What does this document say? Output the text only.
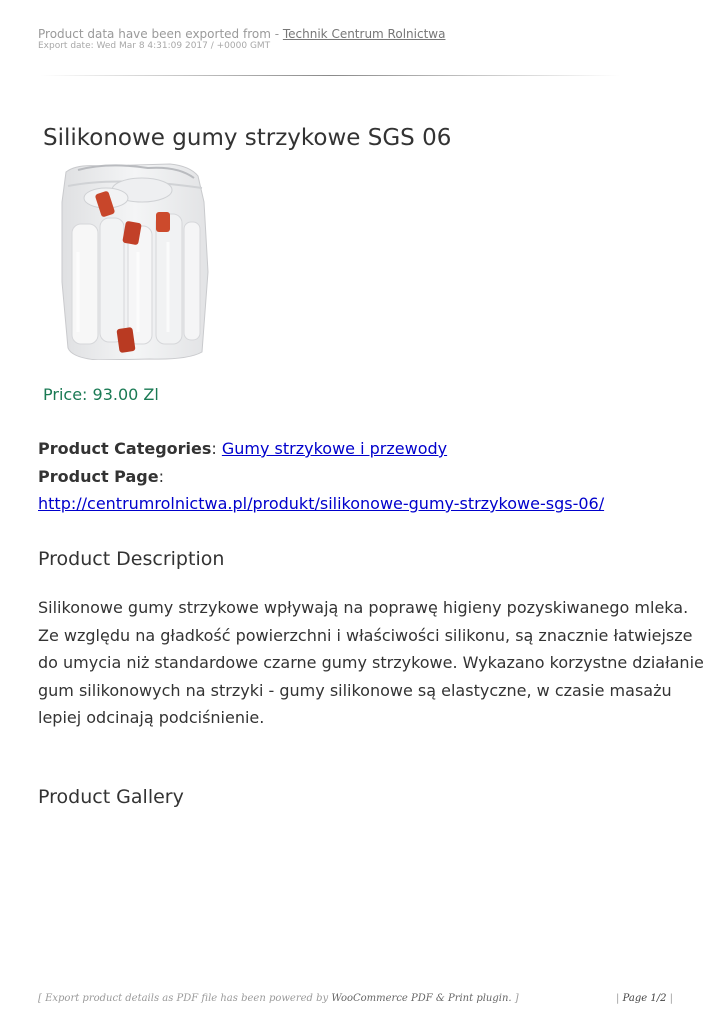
Product data have been exported from - Technik Centrum Rolnictwa
Export date: Wed Mar 8 4:31:09 2017 / +0000 GMT
Silikonowe gumy strzykowe SGS 06
Price: 93.00 Zl
Product Categories: Gumy strzykowe i przewody
Product Page:
http://centrumrolnictwa.pl/produkt/silikonowe-gumy-strzykowe-sgs-06/
Product Description
Silikonowe gumy strzykowe wpływają na poprawę higieny pozyskiwanego mleka.
Ze względu na gładkość powierzchni i właściwości silikonu, są znacznie łatwiejsze
do umycia niż standardowe czarne gumy strzykowe. Wykazano korzystne działanie
gum silikonowych na strzyki - gumy silikonowe są elastyczne, w czasie masażu
lepiej odcinają podciśnienie.
Product Gallery
[ Export product details as PDF file has been powered by WooCommerce PDF & Print plugin. ]	| Page 1/2 |
